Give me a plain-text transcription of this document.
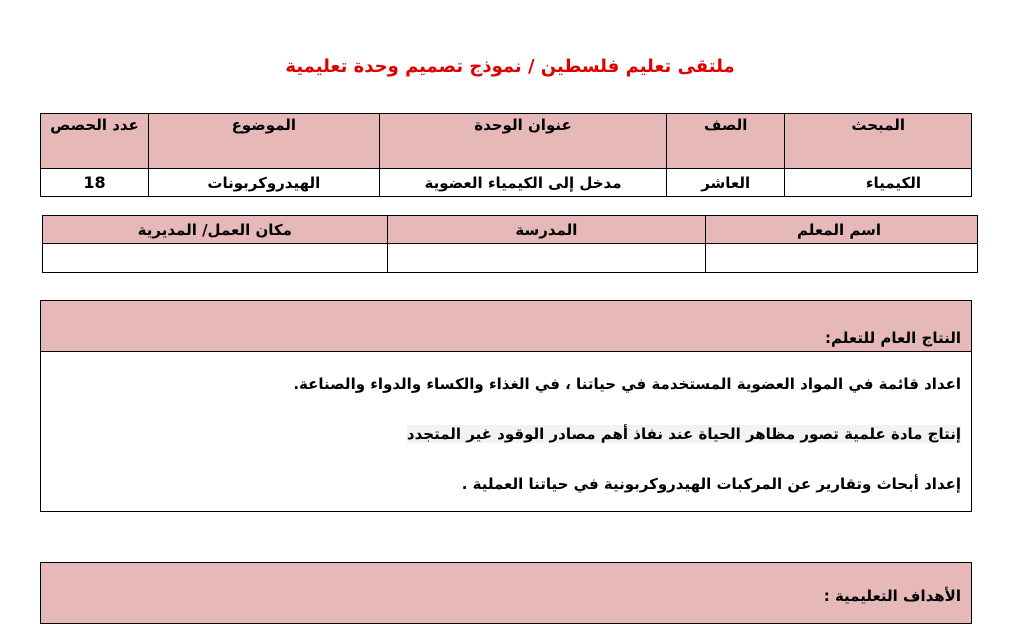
ملتقى تعليم فلسطين / نموذج تصميم وحدة تعليمية
المبحث	الصف	عنوان الوحدة	الموضوع	عدد الحصص
الكيمياء	العاشر	مدخل إلى الكيمياء العضوية	الهيدروكربونات	18
اسم المعلم	المدرسة	مكان العمل/ المديرية

النتاج العام للتعلم:
اعداد قائمة في المواد العضوية المستخدمة في حياتنا ، في الغذاء والكساء والدواء والصناعة.
إنتاج مادة علمية تصور مظاهر الحياة عند نفاذ أهم مصادر الوقود غير المتجدد
إعداد أبحاث وتقارير عن المركبات الهيدروكربونية في حياتنا العملية .
الأهداف التعليمية :
